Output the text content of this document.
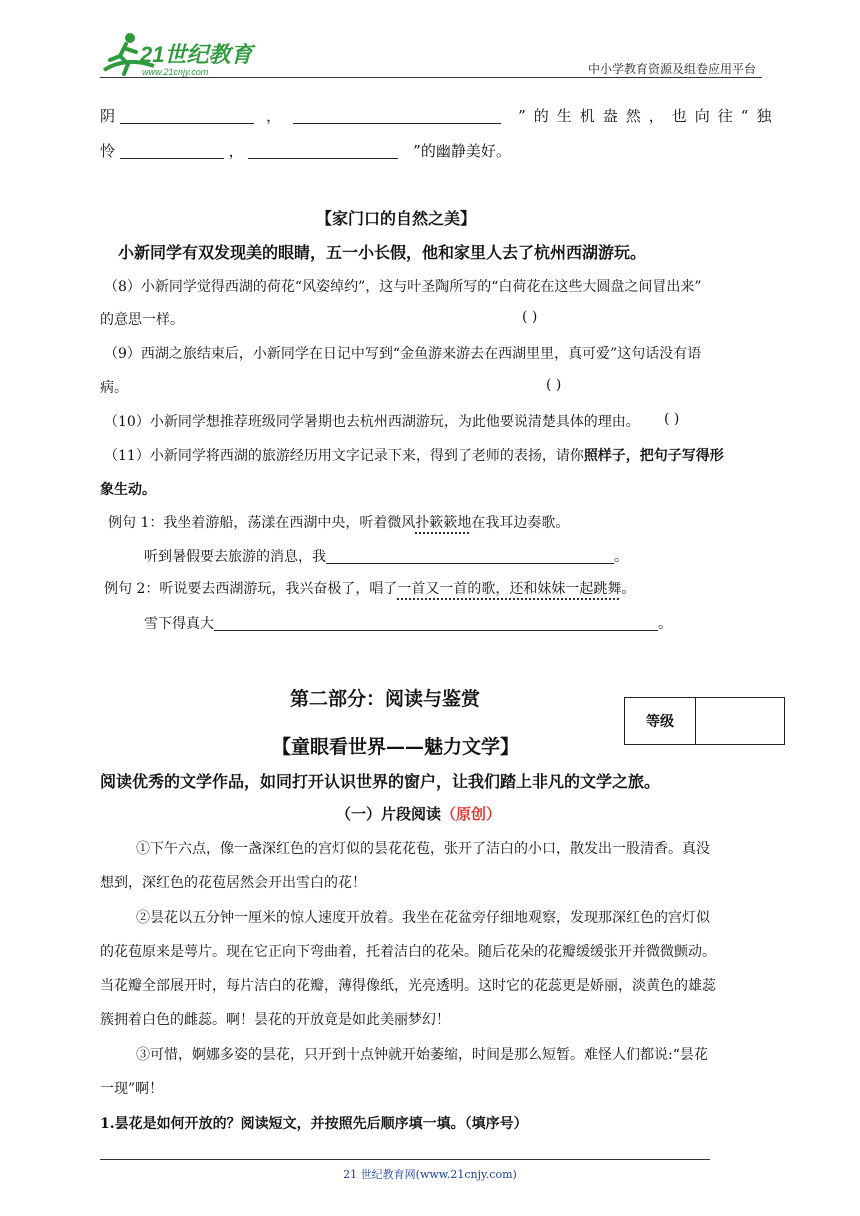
21世纪教育
www.21cnjy.com	中小学教育资源及组卷应用平台
阴	，	”的生机盎然，也向往“独
怜	，	”的幽静美好。
【家门口的自然之美】
小新同学有双发现美的眼睛，五一小长假，他和家里人去了杭州西湖游玩。
（8）小新同学觉得西湖的荷花“风姿绰约”，这与叶圣陶所写的“白荷花在这些大圆盘之间冒出来”
的意思一样。	( )
（9）西湖之旅结束后，小新同学在日记中写到“金鱼游来游去在西湖里里，真可爱”这句话没有语
病。	( )
（10）小新同学想推荐班级同学暑期也去杭州西湖游玩，为此他要说清楚具体的理由。 ( )
（11）小新同学将西湖的旅游经历用文字记录下来，得到了老师的表扬，请你照样子，把句子写得形
象生动。
例句 1：我坐着游船，荡漾在西湖中央，听着微风扑簌簌地在我耳边奏歌。
听到暑假要去旅游的消息，我	。
例句 2：听说要去西湖游玩，我兴奋极了，唱了一首又一首的歌，还和妹妹一起跳舞。
雪下得真大	。
第二部分：阅读与鉴赏
等级	
【童眼看世界——魅力文学】
阅读优秀的文学作品，如同打开认识世界的窗户，让我们踏上非凡的文学之旅。
（一）片段阅读（原创）
①下午六点，像一盏深红色的宫灯似的昙花花苞，张开了洁白的小口，散发出一股清香。真没
想到，深红色的花苞居然会开出雪白的花！
②昙花以五分钟一厘米的惊人速度开放着。我坐在花盆旁仔细地观察，发现那深红色的宫灯似
的花苞原来是萼片。现在它正向下弯曲着，托着洁白的花朵。随后花朵的花瓣缓缓张开并微微颤动。
当花瓣全部展开时，每片洁白的花瓣，薄得像纸，光亮透明。这时它的花蕊更是娇丽，淡黄色的雄蕊
簇拥着白色的雌蕊。啊！昙花的开放竟是如此美丽梦幻！
③可惜，婀娜多姿的昙花，只开到十点钟就开始萎缩，时间是那么短暂。难怪人们都说:“昙花
一现”啊！
1.昙花是如何开放的？阅读短文，并按照先后顺序填一填。（填序号）
21 世纪教育网(www.21cnjy.com)
